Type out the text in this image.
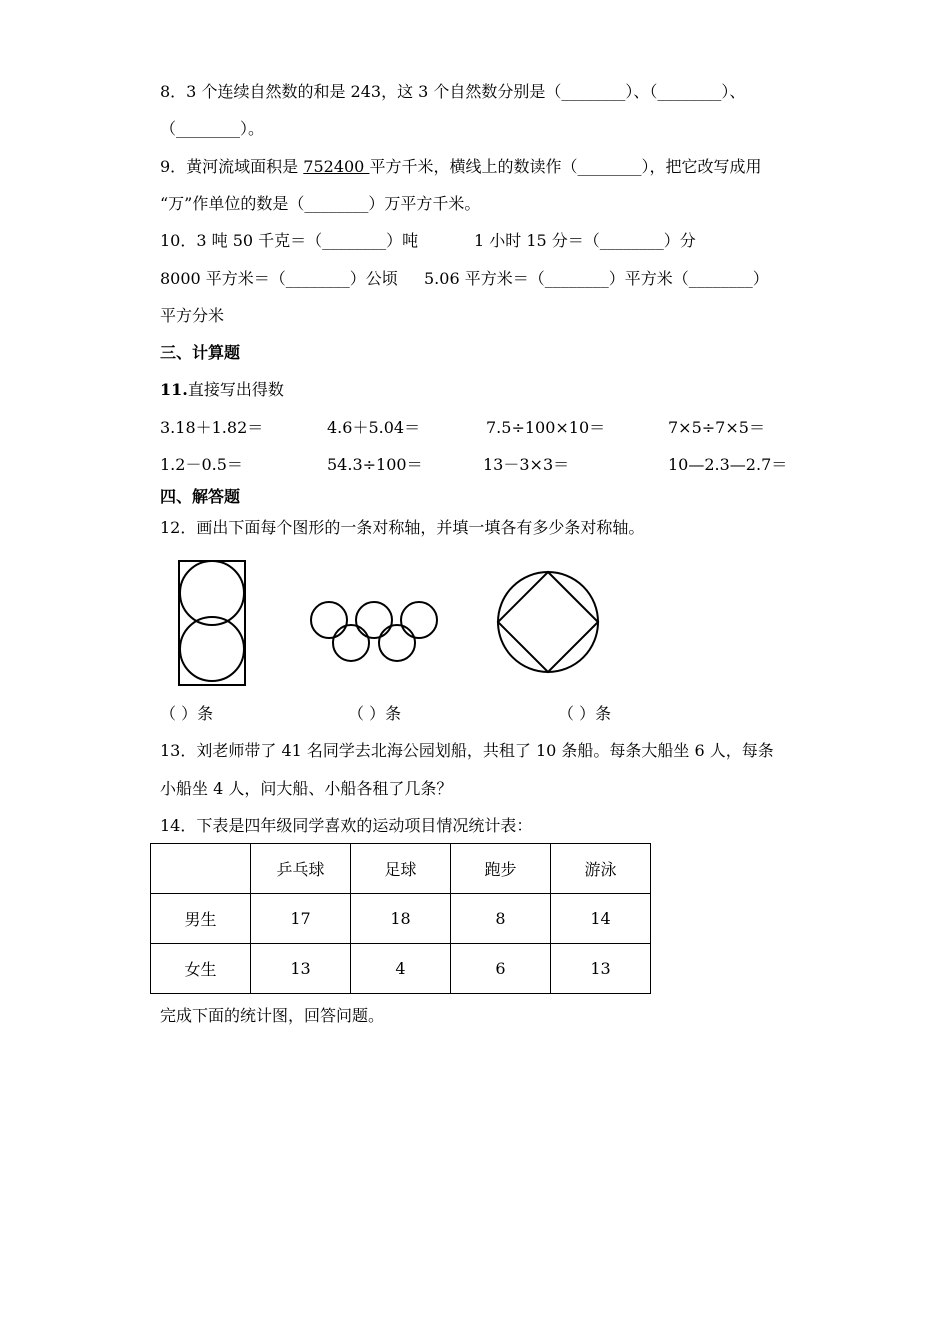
8．3 个连续自然数的和是 243，这 3 个自然数分别是（________）、（________）、
（________）。
9．黄河流域面积是 752400 平方千米，横线上的数读作（________），把它改写成用
“万”作单位的数是（________）万平方千米。
10．3 吨 50 千克＝（________）吨	1 小时 15 分＝（________）分
8000 平方米＝（________）公顷 5.06 平方米＝（________）平方米（________）
平方分米
三、计算题
11.直接写出得数
3.18＋1.82＝	4.6＋5.04＝	7.5÷100×10＝	7×5÷7×5＝
1.2－0.5＝	54.3÷100＝	13－3×3＝	10—2.3—2.7＝
四、解答题
12．画出下面每个图形的一条对称轴，并填一填各有多少条对称轴。
（ ）条	（ ）条	（ ）条
13．刘老师带了 41 名同学去北海公园划船，共租了 10 条船。每条大船坐 6 人，每条
小船坐 4 人，问大船、小船各租了几条？
14．下表是四年级同学喜欢的运动项目情况统计表：
	乒乓球	足球	跑步	游泳
男生	17	18	8	14
女生	13	4	6	13
完成下面的统计图，回答问题。
